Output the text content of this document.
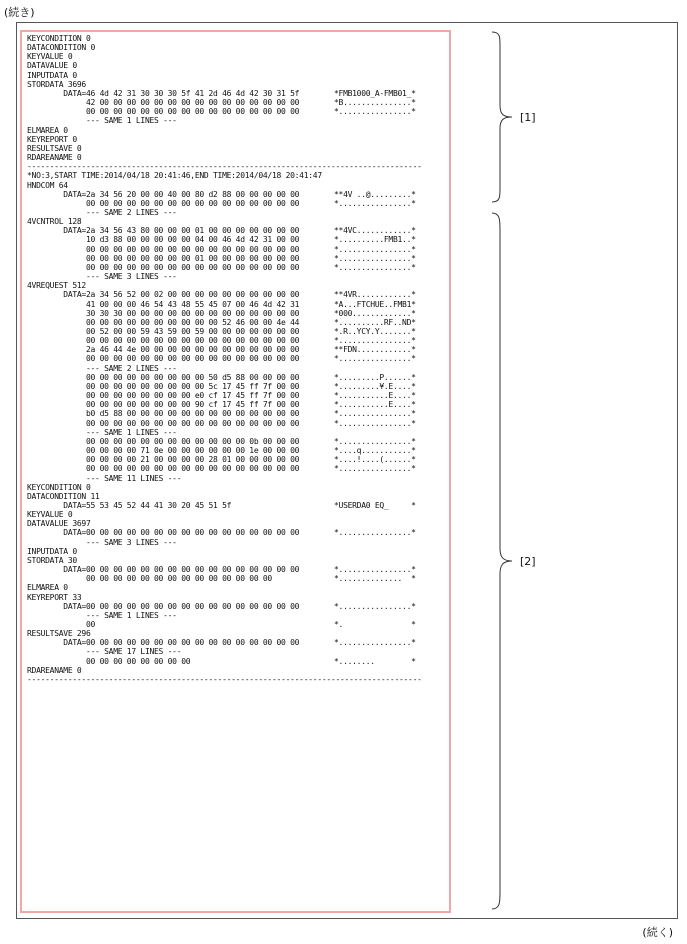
(続き)
KEYCONDITION 0
DATACONDITION 0
KEYVALUE 0
DATAVALUE 0
INPUTDATA 0
STORDATA 3696
DATA=46 4d 42 31 30 30 30 5f 41 2d 46 4d 42 30 31 5f	*FMB1000_A-FMB01_*
42 00 00 00 00 00 00 00 00 00 00 00 00 00 00 00	*B...............*
00 00 00 00 00 00 00 00 00 00 00 00 00 00 00 00	*................*
--- SAME 1 LINES ---
ELMAREA 0
KEYREPORT 0
RESULTSAVE 0
RDAREANAME 0
---------------------------------------------------------------------------------------
*NO:3,START TIME:2014/04/18 20:41:46,END TIME:2014/04/18 20:41:47
HNDCOM 64
DATA=2a 34 56 20 00 00 40 00 80 d2 88 00 00 00 00 00	**4V ..@.........*
00 00 00 00 00 00 00 00 00 00 00 00 00 00 00 00	*................*
--- SAME 2 LINES ---
4VCNTROL 128
DATA=2a 34 56 43 80 00 00 00 01 00 00 00 00 00 00 00	**4VC............*
10 d3 88 00 00 00 00 00 04 00 46 4d 42 31 00 00	*..........FMB1..*
00 00 00 00 00 00 00 00 00 00 00 00 00 00 00 00	*................*
00 00 00 00 00 00 00 00 01 00 00 00 00 00 00 00	*................*
00 00 00 00 00 00 00 00 00 00 00 00 00 00 00 00	*................*
--- SAME 3 LINES ---
4VREQUEST 512
DATA=2a 34 56 52 00 02 00 00 00 00 00 00 00 00 00 00	**4VR............*
41 00 00 00 46 54 43 48 55 45 07 00 46 4d 42 31	*A...FTCHUE..FMB1*
30 30 30 00 00 00 00 00 00 00 00 00 00 00 00 00	*000.............*
00 00 00 00 00 00 00 00 00 00 52 46 00 00 4e 44	*..........RF..ND*
00 52 00 00 59 43 59 00 59 00 00 00 00 00 00 00	*.R..YCY.Y.......*
00 00 00 00 00 00 00 00 00 00 00 00 00 00 00 00	*................*
2a 46 44 4e 00 00 00 00 00 00 00 00 00 00 00 00	**FDN............*
00 00 00 00 00 00 00 00 00 00 00 00 00 00 00 00	*................*
--- SAME 2 LINES ---
00 00 00 00 00 00 00 00 00 50 d5 88 00 00 00 00	*.........P......*
00 00 00 00 00 00 00 00 00 5c 17 45 ff 7f 00 00	*.........¥.E....*
00 00 00 00 00 00 00 00 e0 cf 17 45 ff 7f 00 00	*...........E....*
00 00 00 00 00 00 00 00 90 cf 17 45 ff 7f 00 00	*...........E....*
b0 d5 88 00 00 00 00 00 00 00 00 00 00 00 00 00	*................*
00 00 00 00 00 00 00 00 00 00 00 00 00 00 00 00	*................*
--- SAME 1 LINES ---
00 00 00 00 00 00 00 00 00 00 00 00 0b 00 00 00	*................*
00 00 00 00 71 0e 00 00 00 00 00 00 1e 00 00 00	*....q...........*
00 00 00 00 21 00 00 00 00 28 01 00 00 00 00 00	*....!....(......*
00 00 00 00 00 00 00 00 00 00 00 00 00 00 00 00	*................*
--- SAME 11 LINES ---
KEYCONDITION 0
DATACONDITION 11
DATA=55 53 45 52 44 41 30 20 45 51 5f	*USERDA0 EQ_     *
KEYVALUE 0
DATAVALUE 3697
DATA=00 00 00 00 00 00 00 00 00 00 00 00 00 00 00 00	*................*
--- SAME 3 LINES ---
INPUTDATA 0
STORDATA 30
DATA=00 00 00 00 00 00 00 00 00 00 00 00 00 00 00 00	*................*
00 00 00 00 00 00 00 00 00 00 00 00 00 00	*..............  *
ELMAREA 0
KEYREPORT 33
DATA=00 00 00 00 00 00 00 00 00 00 00 00 00 00 00 00	*................*
--- SAME 1 LINES ---
00	*.               *
RESULTSAVE 296
DATA=00 00 00 00 00 00 00 00 00 00 00 00 00 00 00 00	*................*
--- SAME 17 LINES ---
00 00 00 00 00 00 00 00	*........        *
RDAREANAME 0
---------------------------------------------------------------------------------------
[1]
[2]
(続く)
